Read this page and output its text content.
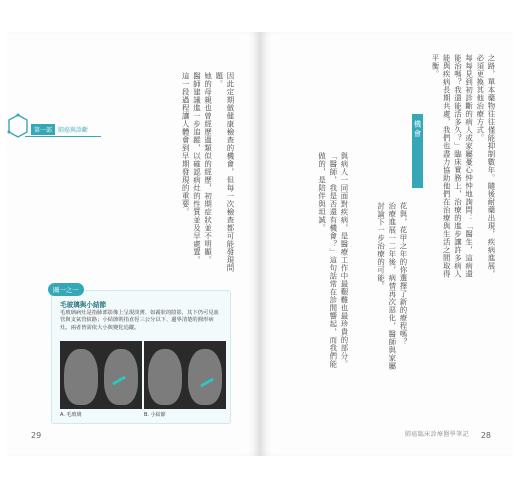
第一部	肺癌與診斷	因此定期做健康檢查的機會，但每一次檢查都可能發現問題。
她的母親也曾經歷過類似的經歷，初期症狀並不明顯。
醫師建議進一步追蹤，以確認病灶的性質並及早處置。
這一段過程讓人體會到早期發現的重要。
圖一之一
毛玻璃與小結節
毛玻璃病灶是指肺部影像上呈現淡薄、如霧狀的陰影，其下仍可見血管與支氣管紋路；小結節則指直徑三公分以下、邊界清楚的圓形病灶。兩者皆需依大小與變化追蹤。
A. 毛玻璃	B. 小結節
29
之路，單本藥物往往僅能抑制數年。隨後耐藥出現，疾病進展，必須更換其他治療方式。
每每見到初診斷的病人或家屬憂心忡忡地詢問：「醫生，這病還能治嗎？我還能活多久？」臨床實務上，治療的進步讓許多病人能與疾病長期共處，我們也盡力協助他們在治療與生活之間取得平衡。
醫療兩難中的機會
花與，花甲之年的你選擇了新的療程嗎？
治療進展一二年後，病情再次惡化，醫師與家屬討論下一步治療的可能。
與病人一同面對疾病，是醫療工作中最艱難也最珍貴的部分。
「醫師，我是否還有機會？」這句話常在診間響起，而我們能做的，是陪伴與坦誠。
肺癌臨床診療醫學筆記 28
